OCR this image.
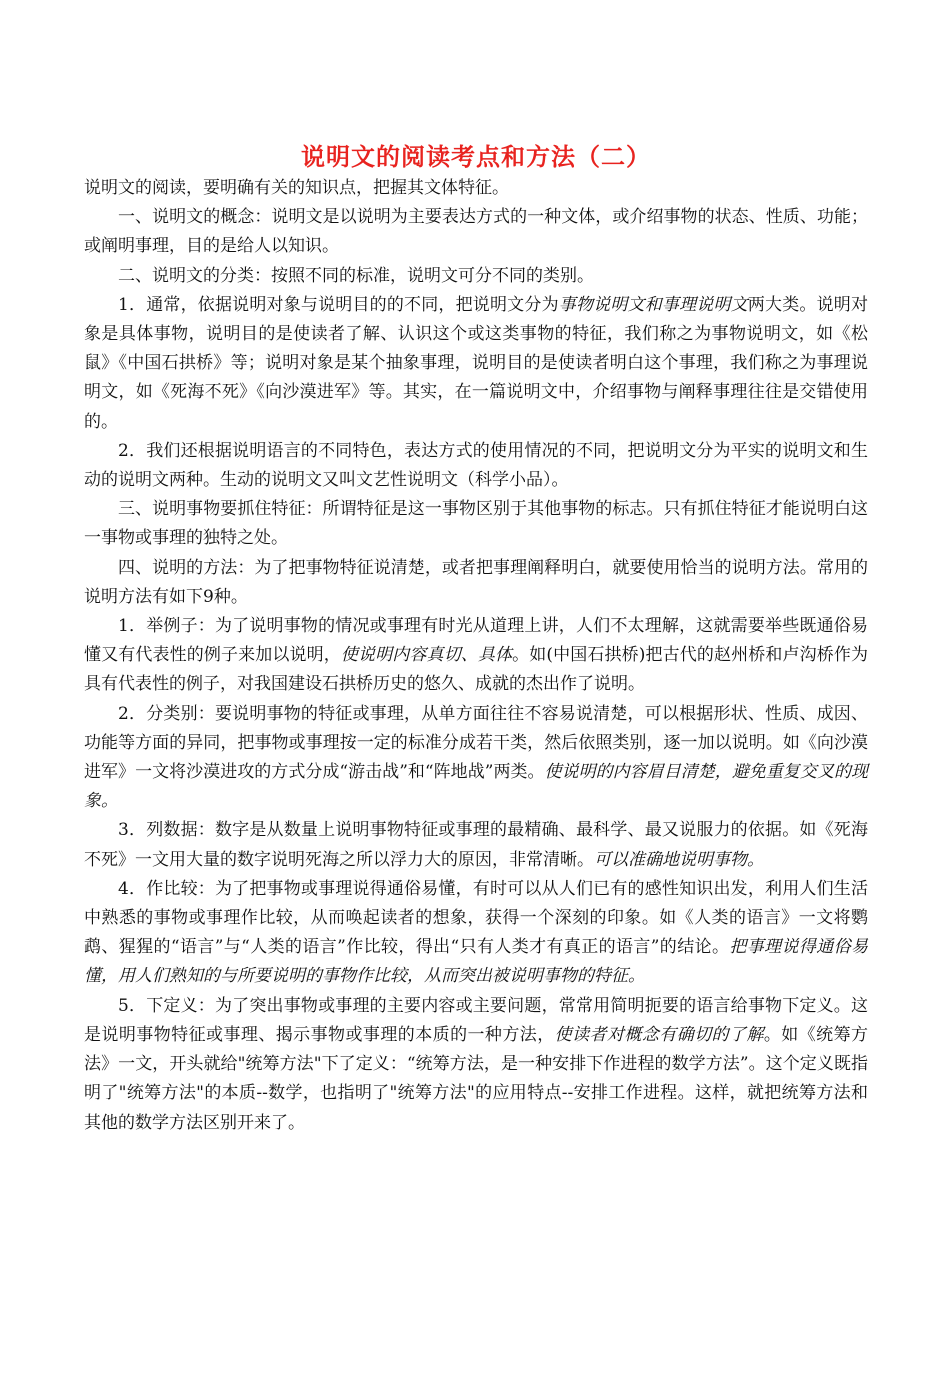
说明文的阅读考点和方法（二）

说明文的阅读，要明确有关的知识点，把握其文体特征。

一、说明文的概念：说明文是以说明为主要表达方式的一种文体，或介绍事物的状态、性质、功能；或阐明事理，目的是给人以知识。

二、说明文的分类：按照不同的标准，说明文可分不同的类别。

1．通常，依据说明对象与说明目的的不同，把说明文分为事物说明文和事理说明文两大类。说明对象是具体事物，说明目的是使读者了解、认识这个或这类事物的特征，我们称之为事物说明文，如《松鼠》《中国石拱桥》等；说明对象是某个抽象事理，说明目的是使读者明白这个事理，我们称之为事理说明文，如《死海不死》《向沙漠进军》等。其实，在一篇说明文中，介绍事物与阐释事理往往是交错使用的。

2．我们还根据说明语言的不同特色，表达方式的使用情况的不同，把说明文分为平实的说明文和生动的说明文两种。生动的说明文又叫文艺性说明文（科学小品）。

三、说明事物要抓住特征：所谓特征是这一事物区别于其他事物的标志。只有抓住特征才能说明白这一事物或事理的独特之处。

四、说明的方法：为了把事物特征说清楚，或者把事理阐释明白，就要使用恰当的说明方法。常用的说明方法有如下9种。

1．举例子：为了说明事物的情况或事理有时光从道理上讲，人们不太理解，这就需要举些既通俗易懂又有代表性的例子来加以说明，使说明内容真切、具体。如(中国石拱桥)把古代的赵州桥和卢沟桥作为具有代表性的例子，对我国建设石拱桥历史的悠久、成就的杰出作了说明。

2．分类别：要说明事物的特征或事理，从单方面往往不容易说清楚，可以根据形状、性质、成因、功能等方面的异同，把事物或事理按一定的标准分成若干类，然后依照类别，逐一加以说明。如《向沙漠进军》一文将沙漠进攻的方式分成“游击战”和“阵地战”两类。使说明的内容眉目清楚，避免重复交叉的现象。

3．列数据：数字是从数量上说明事物特征或事理的最精确、最科学、最又说服力的依据。如《死海不死》一文用大量的数字说明死海之所以浮力大的原因，非常清晰。可以准确地说明事物。

4．作比较：为了把事物或事理说得通俗易懂，有时可以从人们已有的感性知识出发，利用人们生活中熟悉的事物或事理作比较，从而唤起读者的想象，获得一个深刻的印象。如《人类的语言》一文将鹦鹉、猩猩的“语言”与“人类的语言”作比较，得出“只有人类才有真正的语言”的结论。把事理说得通俗易懂，用人们熟知的与所要说明的事物作比较，从而突出被说明事物的特征。

5．下定义：为了突出事物或事理的主要内容或主要问题，常常用简明扼要的语言给事物下定义。这是说明事物特征或事理、揭示事物或事理的本质的一种方法，使读者对概念有确切的了解。如《统筹方法》一文，开头就给"统筹方法"下了定义：“统筹方法，是一种安排下作进程的数学方法”。这个定义既指明了"统筹方法"的本质--数学，也指明了"统筹方法"的应用特点--安排工作进程。这样，就把统筹方法和其他的数学方法区别开来了。
